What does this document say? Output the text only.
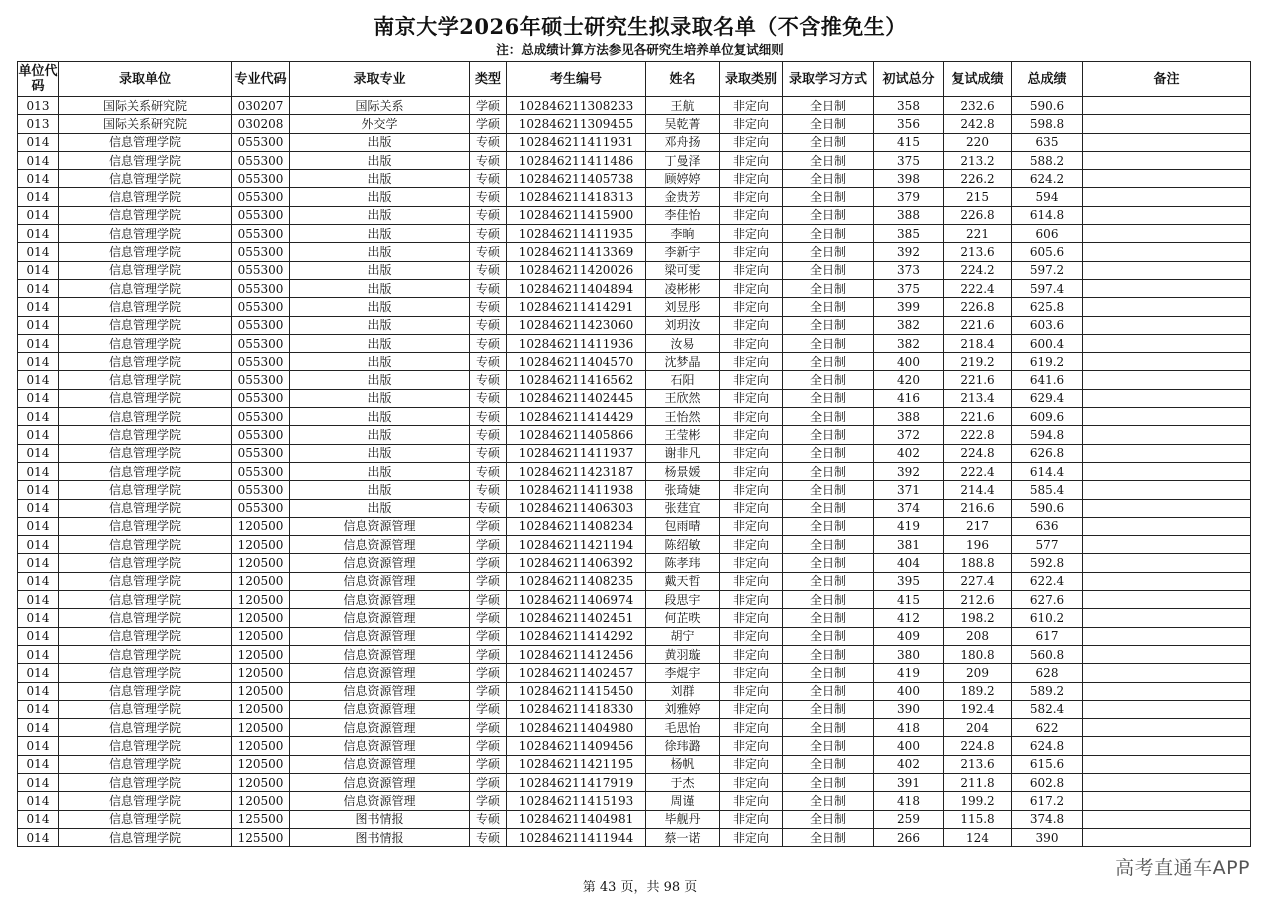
南京大学2026年硕士研究生拟录取名单（不含推免生）
注：总成绩计算方法参见各研究生培养单位复试细则
单位代码	录取单位	专业代码	录取专业	类型	考生编号	姓名	录取类别	录取学习方式	初试总分	复试成绩	总成绩	备注
013	国际关系研究院	030207	国际关系	学硕	102846211308233	王航	非定向	全日制	358	232.6	590.6	
013	国际关系研究院	030208	外交学	学硕	102846211309455	吴乾菁	非定向	全日制	356	242.8	598.8	
014	信息管理学院	055300	出版	专硕	102846211411931	邓舟扬	非定向	全日制	415	220	635	
014	信息管理学院	055300	出版	专硕	102846211411486	丁曼泽	非定向	全日制	375	213.2	588.2	
014	信息管理学院	055300	出版	专硕	102846211405738	顾婷婷	非定向	全日制	398	226.2	624.2	
014	信息管理学院	055300	出版	专硕	102846211418313	金贵芳	非定向	全日制	379	215	594	
014	信息管理学院	055300	出版	专硕	102846211415900	李佳怡	非定向	全日制	388	226.8	614.8	
014	信息管理学院	055300	出版	专硕	102846211411935	李晌	非定向	全日制	385	221	606	
014	信息管理学院	055300	出版	专硕	102846211413369	李新宇	非定向	全日制	392	213.6	605.6	
014	信息管理学院	055300	出版	专硕	102846211420026	梁可雯	非定向	全日制	373	224.2	597.2	
014	信息管理学院	055300	出版	专硕	102846211404894	凌彬彬	非定向	全日制	375	222.4	597.4	
014	信息管理学院	055300	出版	专硕	102846211414291	刘昱彤	非定向	全日制	399	226.8	625.8	
014	信息管理学院	055300	出版	专硕	102846211423060	刘玥汝	非定向	全日制	382	221.6	603.6	
014	信息管理学院	055300	出版	专硕	102846211411936	汝易	非定向	全日制	382	218.4	600.4	
014	信息管理学院	055300	出版	专硕	102846211404570	沈梦晶	非定向	全日制	400	219.2	619.2	
014	信息管理学院	055300	出版	专硕	102846211416562	石阳	非定向	全日制	420	221.6	641.6	
014	信息管理学院	055300	出版	专硕	102846211402445	王欣然	非定向	全日制	416	213.4	629.4	
014	信息管理学院	055300	出版	专硕	102846211414429	王怡然	非定向	全日制	388	221.6	609.6	
014	信息管理学院	055300	出版	专硕	102846211405866	王莹彬	非定向	全日制	372	222.8	594.8	
014	信息管理学院	055300	出版	专硕	102846211411937	谢非凡	非定向	全日制	402	224.8	626.8	
014	信息管理学院	055300	出版	专硕	102846211423187	杨景媛	非定向	全日制	392	222.4	614.4	
014	信息管理学院	055300	出版	专硕	102846211411938	张琦婕	非定向	全日制	371	214.4	585.4	
014	信息管理学院	055300	出版	专硕	102846211406303	张莛宜	非定向	全日制	374	216.6	590.6	
014	信息管理学院	120500	信息资源管理	学硕	102846211408234	包雨晴	非定向	全日制	419	217	636	
014	信息管理学院	120500	信息资源管理	学硕	102846211421194	陈绍敏	非定向	全日制	381	196	577	
014	信息管理学院	120500	信息资源管理	学硕	102846211406392	陈孝玮	非定向	全日制	404	188.8	592.8	
014	信息管理学院	120500	信息资源管理	学硕	102846211408235	戴天哲	非定向	全日制	395	227.4	622.4	
014	信息管理学院	120500	信息资源管理	学硕	102846211406974	段思宇	非定向	全日制	415	212.6	627.6	
014	信息管理学院	120500	信息资源管理	学硕	102846211402451	何芷昳	非定向	全日制	412	198.2	610.2	
014	信息管理学院	120500	信息资源管理	学硕	102846211414292	胡宁	非定向	全日制	409	208	617	
014	信息管理学院	120500	信息资源管理	学硕	102846211412456	黄羽璇	非定向	全日制	380	180.8	560.8	
014	信息管理学院	120500	信息资源管理	学硕	102846211402457	李焜宇	非定向	全日制	419	209	628	
014	信息管理学院	120500	信息资源管理	学硕	102846211415450	刘群	非定向	全日制	400	189.2	589.2	
014	信息管理学院	120500	信息资源管理	学硕	102846211418330	刘雅婷	非定向	全日制	390	192.4	582.4	
014	信息管理学院	120500	信息资源管理	学硕	102846211404980	毛思怡	非定向	全日制	418	204	622	
014	信息管理学院	120500	信息资源管理	学硕	102846211409456	徐玮潞	非定向	全日制	400	224.8	624.8	
014	信息管理学院	120500	信息资源管理	学硕	102846211421195	杨帆	非定向	全日制	402	213.6	615.6	
014	信息管理学院	120500	信息资源管理	学硕	102846211417919	于杰	非定向	全日制	391	211.8	602.8	
014	信息管理学院	120500	信息资源管理	学硕	102846211415193	周谨	非定向	全日制	418	199.2	617.2	
014	信息管理学院	125500	图书情报	专硕	102846211404981	毕舰丹	非定向	全日制	259	115.8	374.8	
014	信息管理学院	125500	图书情报	专硕	102846211411944	蔡一诺	非定向	全日制	266	124	390	
第 43 页，共 98 页
高考直通车APP
